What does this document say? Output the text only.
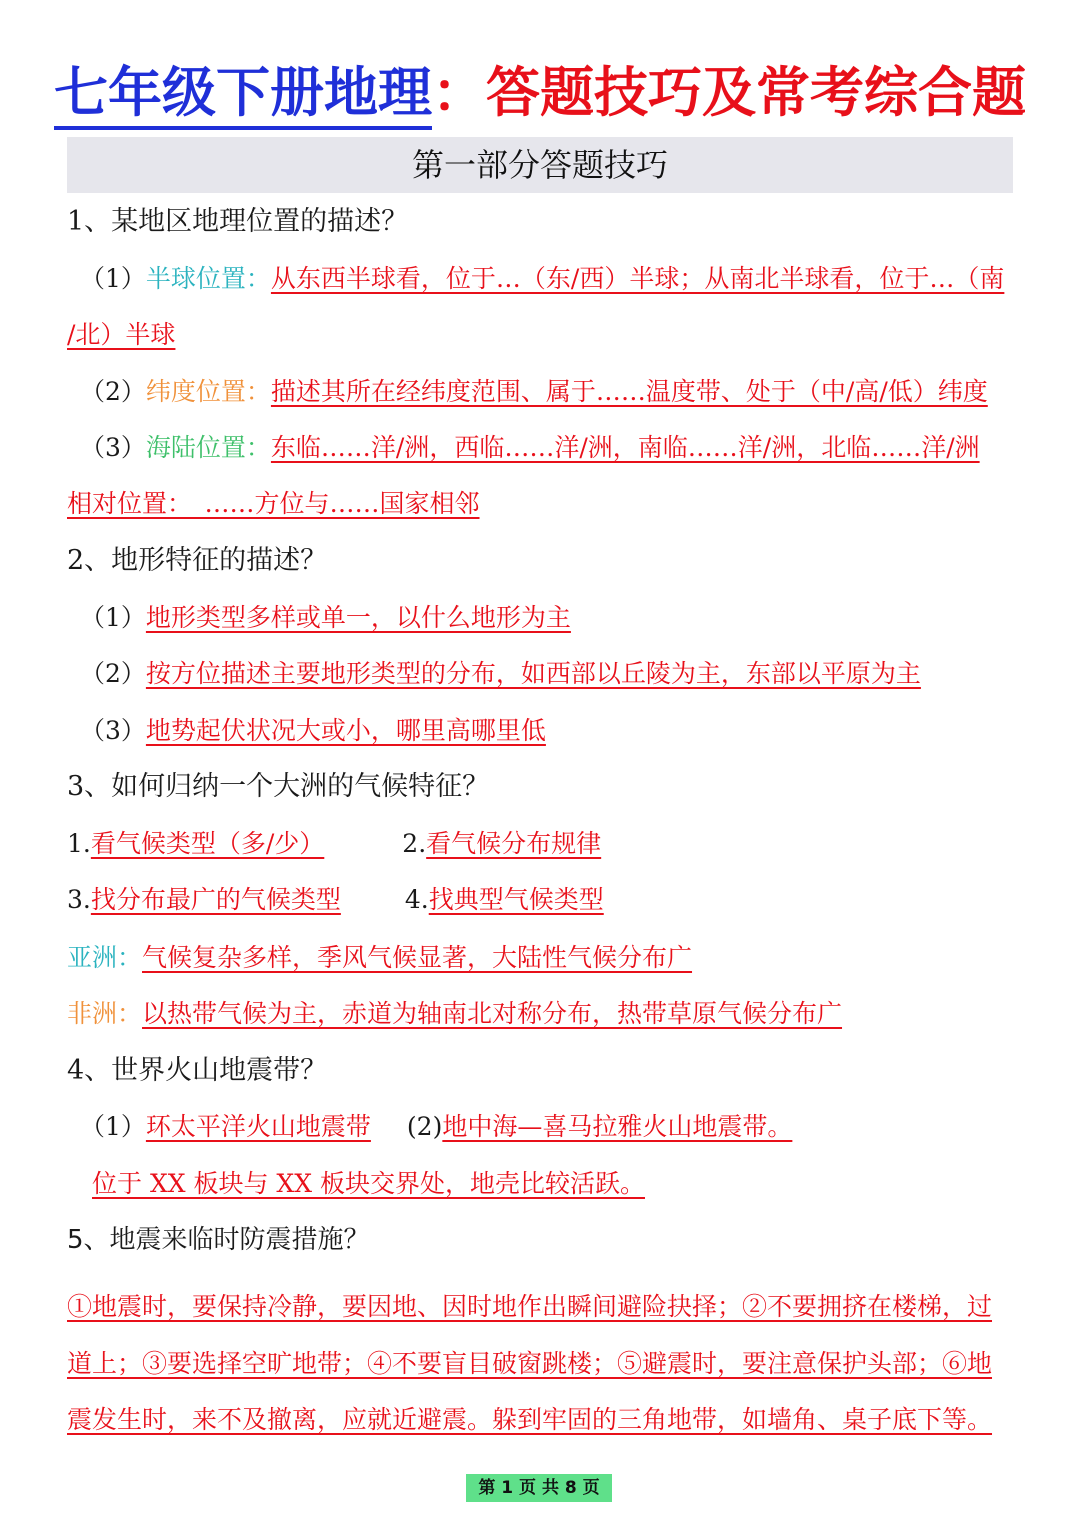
七年级下册地理：答题技巧及常考综合题
第一部分答题技巧
1、某地区地理位置的描述？
（1）半球位置：从东西半球看，位于…（东/西）半球；从南北半球看，位于…（南
/北）半球
（2）纬度位置：描述其所在经纬度范围、属于……温度带、处于（中/高/低）纬度
（3）海陆位置：东临……洋/洲，西临……洋/洲，南临……洋/洲，北临……洋/洲
相对位置：　……方位与……国家相邻
2、地形特征的描述？
（1）地形类型多样或单一，以什么地形为主
（2）按方位描述主要地形类型的分布，如西部以丘陵为主，东部以平原为主
（3）地势起伏状况大或小，哪里高哪里低
3、如何归纳一个大洲的气候特征？
1.看气候类型（多/少）	2.看气候分布规律
3.找分布最广的气候类型	4.找典型气候类型
亚洲：气候复杂多样，季风气候显著，大陆性气候分布广
非洲：以热带气候为主，赤道为轴南北对称分布，热带草原气候分布广
4、世界火山地震带？
（1）环太平洋火山地震带 (2)地中海—喜马拉雅火山地震带。
位于 XX 板块与 XX 板块交界处，地壳比较活跃。
5、地震来临时防震措施？
①地震时，要保持冷静，要因地、因时地作出瞬间避险抉择；②不要拥挤在楼梯，过
道上；③要选择空旷地带；④不要盲目破窗跳楼；⑤避震时，要注意保护头部；⑥地
震发生时，来不及撤离，应就近避震。躲到牢固的三角地带，如墙角、桌子底下等。
第 1 页 共 8 页
